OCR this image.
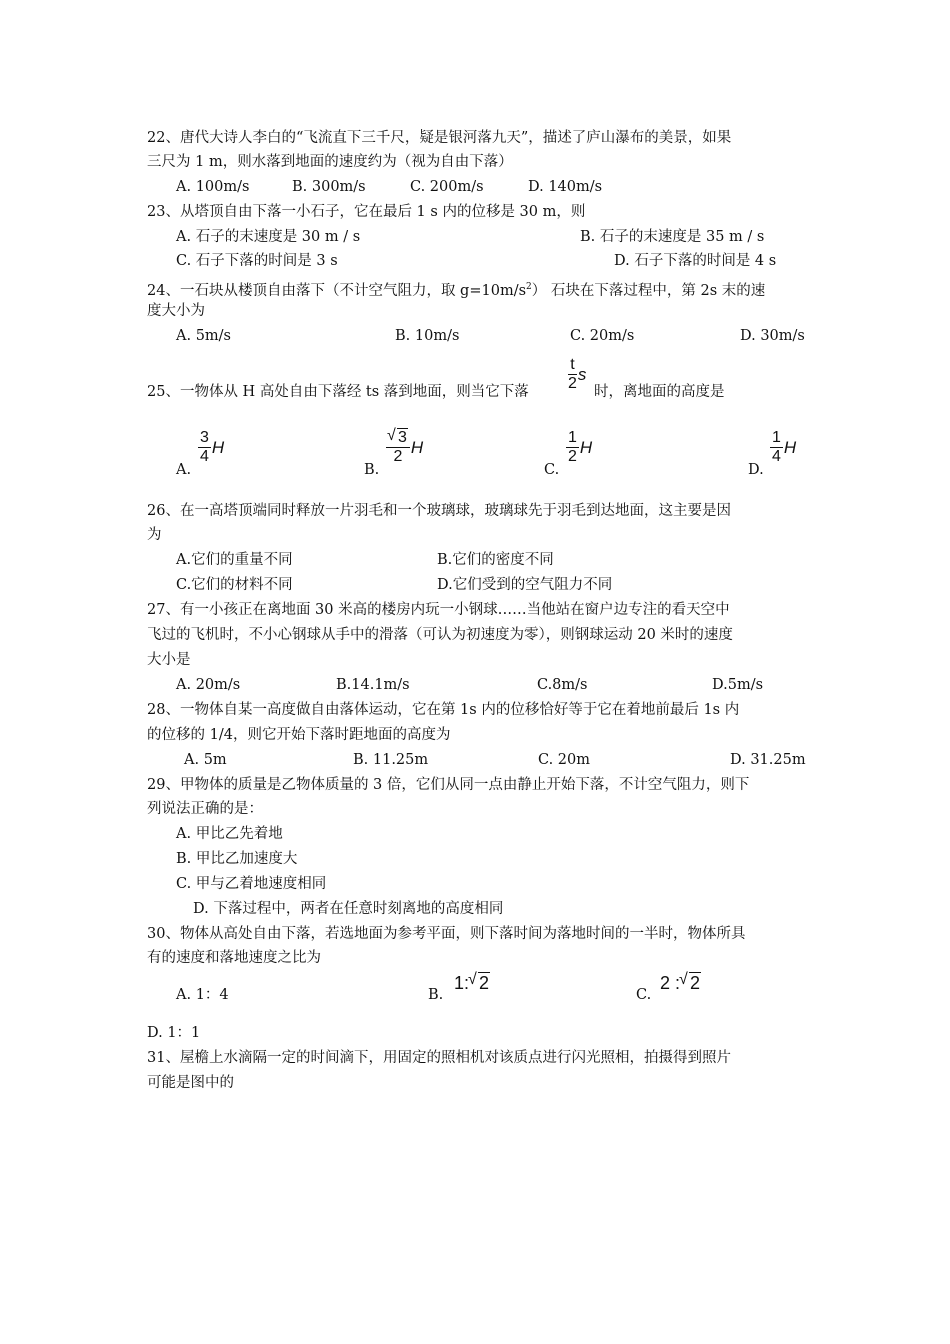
22、唐代大诗人李白的“飞流直下三千尺，疑是银河落九天”，描述了庐山瀑布的美景，如果
三尺为 1 m，则水落到地面的速度约为（视为自由下落）
A. 100m/s	B. 300m/s	C. 200m/s	D. 140m/s
23、从塔顶自由下落一小石子，它在最后 1 s 内的位移是 30 m，则
A. 石子的末速度是 30 m / s	B. 石子的末速度是 35 m / s
C. 石子下落的时间是 3 s	D. 石子下落的时间是 4 s
24、一石块从楼顶自由落下（不计空气阻力，取 $g=10m/s^2$） 石块在下落过程中，第 2s 末的速
度大小为
A. 5m/s	B. 10m/s	C. 20m/s	D. 30m/s
25、一物体从 H 高处自由下落经 ts 落到地面，则当它下落 $\frac{t}{2}$ s
时，离地面的高度是
A.
$\frac{3}{4}$ H
B.
√ $\frac{3}{2}$ H
C.
$\frac{1}{2}$ H
D.
$\frac{1}{4}$ H
26、在一高塔顶端同时释放一片羽毛和一个玻璃球，玻璃球先于羽毛到达地面，这主要是因
为
A.它们的重量不同	B.它们的密度不同
C.它们的材料不同	D.它们受到的空气阻力不同
27、有一小孩正在离地面 30 米高的楼房内玩一小钢球……当他站在窗户边专注的看天空中
飞过的飞机时，不小心钢球从手中的滑落（可认为初速度为零），则钢球运动 20 米时的速度
大小是
A. 20m/s	B.14.1m/s	C.8m/s	D.5m/s
28、一物体自某一高度做自由落体运动，它在第 1s 内的位移恰好等于它在着地前最后 1s 内
的位移的 1/4，则它开始下落时距地面的高度为
A. 5m	B. 11.25m	C. 20m	D. 31.25m
29、甲物体的质量是乙物体质量的 3 倍，它们从同一点由静止开始下落，不计空气阻力，则下
列说法正确的是：
A. 甲比乙先着地
B. 甲比乙加速度大
C. 甲与乙着地速度相同
D. 下落过程中，两者在任意时刻离地的高度相同
30、物体从高处自由下落，若选地面为参考平面，则下落时间为落地时间的一半时，物体所具
有的速度和落地速度之比为
A. 1：4	B.
1: √ 2
C.
2 : √ 2
D. 1：1
31、屋檐上水滴隔一定的时间滴下，用固定的照相机对该质点进行闪光照相，拍摄得到照片
可能是图中的
